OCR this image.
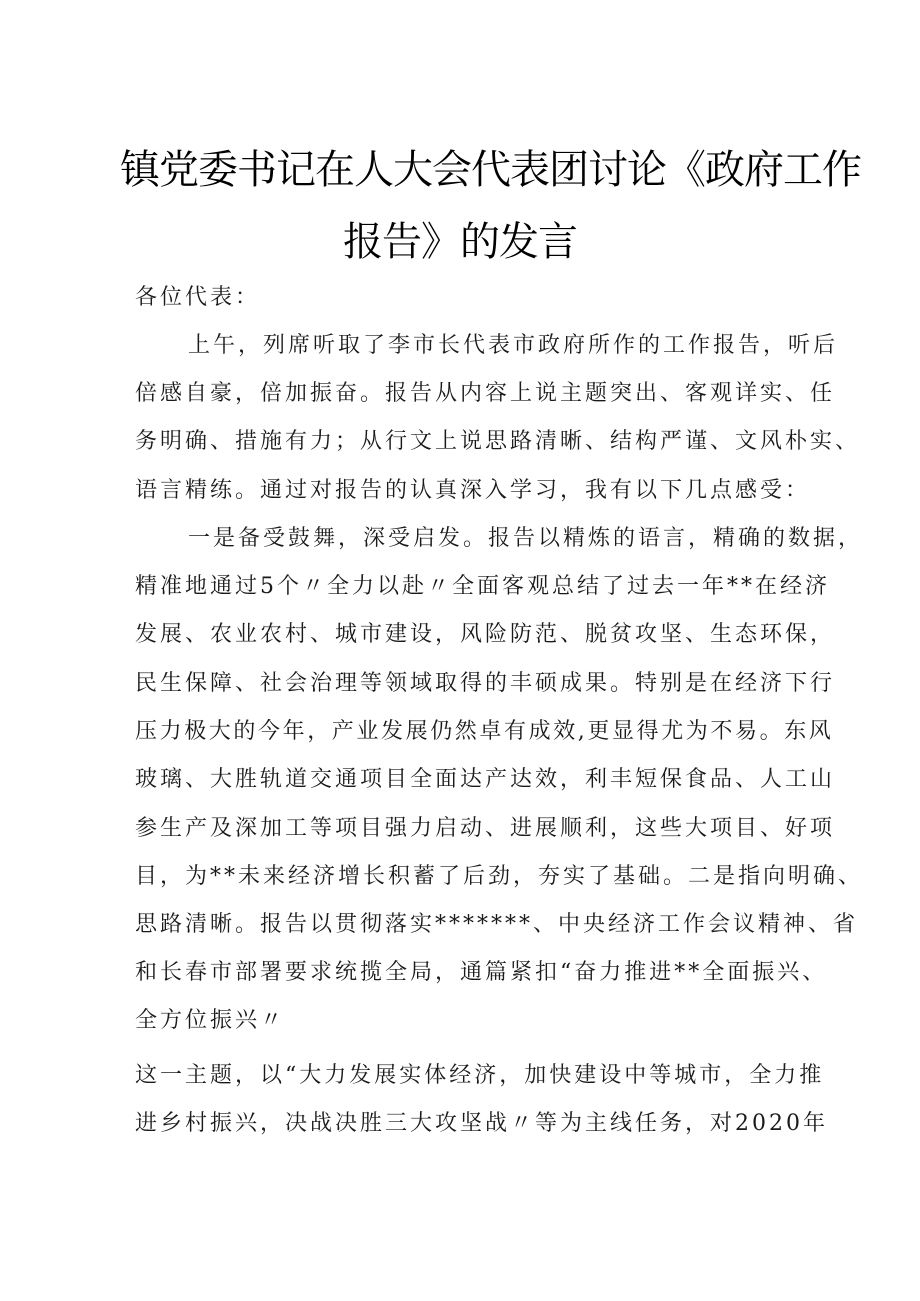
镇党委书记在人大会代表团讨论《政府工作
报告》的发言
各位代表：
上午，列席听取了李市长代表市政府所作的工作报告，听后
倍感自豪，倍加振奋。报告从内容上说主题突出、客观详实、任
务明确、措施有力；从行文上说思路清晰、结构严谨、文风朴实、
语言精练。通过对报告的认真深入学习，我有以下几点感受：
一是备受鼓舞，深受启发。报告以精炼的语言，精确的数据，
精准地通过5个〃全力以赴〃全面客观总结了过去一年**在经济
发展、农业农村、城市建设，风险防范、脱贫攻坚、生态环保，
民生保障、社会治理等领域取得的丰硕成果。特别是在经济下行
压力极大的今年，产业发展仍然卓有成效,更显得尤为不易。东风
玻璃、大胜轨道交通项目全面达产达效，利丰短保食品、人工山
参生产及深加工等项目强力启动、进展顺利，这些大项目、好项
目，为**未来经济增长积蓄了后劲，夯实了基础。二是指向明确、
思路清晰。报告以贯彻落实*******、中央经济工作会议精神、省
和长春市部署要求统揽全局，通篇紧扣“奋力推进**全面振兴、
全方位振兴〃
这一主题，以“大力发展实体经济，加快建设中等城市，全力推
进乡村振兴，决战决胜三大攻坚战〃等为主线任务，对2020年
